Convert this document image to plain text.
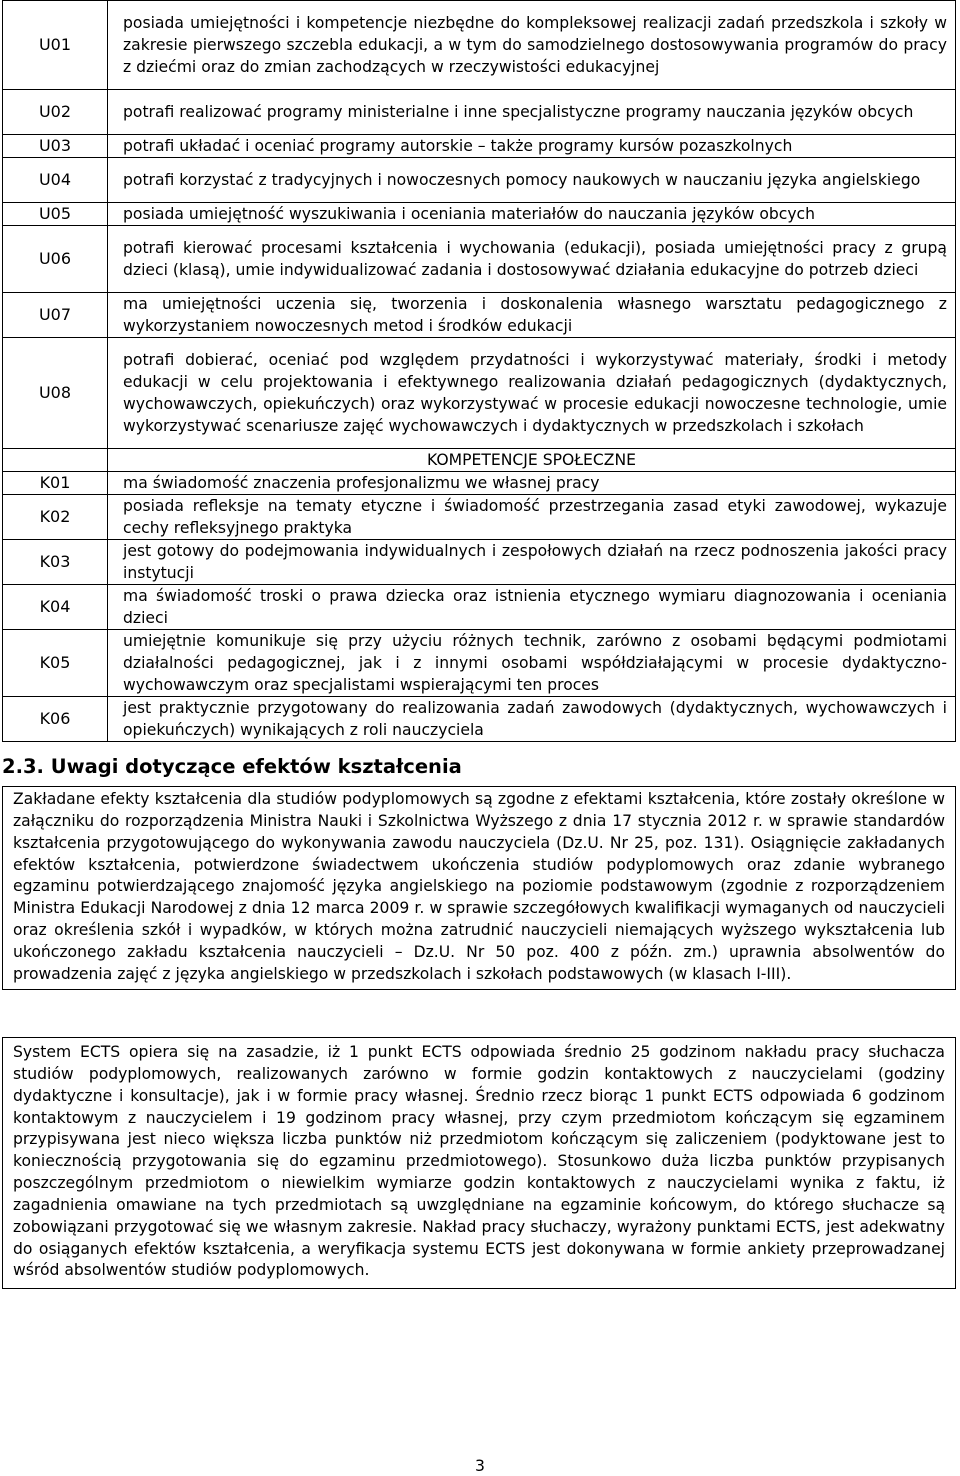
U01	posiada umiejętności i kompetencje niezbędne do kompleksowej realizacji zadań przedszkola i szkoły w zakresie pierwszego szczebla edukacji, a w tym do samodzielnego dostosowywania programów do pracy z dziećmi oraz do zmian zachodzących w rzeczywistości edukacyjnej
U02	potrafi realizować programy ministerialne i inne specjalistyczne programy nauczania języków obcych
U03	potrafi układać i oceniać programy autorskie – także programy kursów pozaszkolnych
U04	potrafi korzystać z tradycyjnych i nowoczesnych pomocy naukowych w nauczaniu języka angielskiego
U05	posiada umiejętność wyszukiwania i oceniania materiałów do nauczania języków obcych
U06	potrafi kierować procesami kształcenia i wychowania (edukacji), posiada umiejętności pracy z grupą dzieci (klasą), umie indywidualizować zadania i dostosowywać działania edukacyjne do potrzeb dzieci
U07	ma umiejętności uczenia się, tworzenia i doskonalenia własnego warsztatu pedagogicznego z wykorzystaniem nowoczesnych metod i środków edukacji
U08	potrafi dobierać, oceniać pod względem przydatności i wykorzystywać materiały, środki i metody edukacji w celu projektowania i efektywnego realizowania działań pedagogicznych (dydaktycznych, wychowawczych, opiekuńczych) oraz wykorzystywać w procesie edukacji nowoczesne technologie, umie wykorzystywać scenariusze zajęć wychowawczych i dydaktycznych w przedszkolach i szkołach
	KOMPETENCJE SPOŁECZNE
K01	ma świadomość znaczenia profesjonalizmu we własnej pracy
K02	posiada refleksje na tematy etyczne i świadomość przestrzegania zasad etyki zawodowej, wykazuje cechy refleksyjnego praktyka
K03	jest gotowy do podejmowania indywidualnych i zespołowych działań na rzecz podnoszenia jakości pracy instytucji
K04	ma świadomość troski o prawa dziecka oraz istnienia etycznego wymiaru diagnozowania i oceniania dzieci
K05	umiejętnie komunikuje się przy użyciu różnych technik, zarówno z osobami będącymi podmiotami działalności pedagogicznej, jak i z innymi osobami współdziałającymi w procesie dydaktyczno-wychowawczym oraz specjalistami wspierającymi ten proces
K06	jest praktycznie przygotowany do realizowania zadań zawodowych (dydaktycznych, wychowawczych i opiekuńczych) wynikających z roli nauczyciela
2.3. Uwagi dotyczące efektów kształcenia

Zakładane efekty kształcenia dla studiów podyplomowych są zgodne z efektami kształcenia, które zostały określone w załączniku do rozporządzenia Ministra Nauki i Szkolnictwa Wyższego z dnia 17 stycznia 2012 r. w sprawie standardów kształcenia przygotowującego do wykonywania zawodu nauczyciela (Dz.U. Nr 25, poz. 131). Osiągnięcie zakładanych efektów kształcenia, potwierdzone świadectwem ukończenia studiów podyplomowych oraz zdanie wybranego egzaminu potwierdzającego znajomość języka angielskiego na poziomie podstawowym (zgodnie z rozporządzeniem Ministra Edukacji Narodowej z dnia 12 marca 2009 r. w sprawie szczegółowych kwalifikacji wymaganych od nauczycieli oraz określenia szkół i wypadków, w których można zatrudnić nauczycieli niemających wyższego wykształcenia lub ukończonego zakładu kształcenia nauczycieli – Dz.U. Nr 50 poz. 400 z późn. zm.) uprawnia absolwentów do prowadzenia zajęć z języka angielskiego w przedszkolach i szkołach podstawowych (w klasach I-III).

System ECTS opiera się na zasadzie, iż 1 punkt ECTS odpowiada średnio 25 godzinom nakładu pracy słuchacza studiów podyplomowych, realizowanych zarówno w formie godzin kontaktowych z nauczycielami (godziny dydaktyczne i konsultacje), jak i w formie pracy własnej. Średnio rzecz biorąc 1 punkt ECTS odpowiada 6 godzinom kontaktowym z nauczycielem i 19 godzinom pracy własnej, przy czym przedmiotom kończącym się egzaminem przypisywana jest nieco większa liczba punktów niż przedmiotom kończącym się zaliczeniem (podyktowane jest to koniecznością przygotowania się do egzaminu przedmiotowego). Stosunkowo duża liczba punktów przypisanych poszczególnym przedmiotom o niewielkim wymiarze godzin kontaktowych z nauczycielami wynika z faktu, iż zagadnienia omawiane na tych przedmiotach są uwzględniane na egzaminie końcowym, do którego słuchacze są zobowiązani przygotować się we własnym zakresie. Nakład pracy słuchaczy, wyrażony punktami ECTS, jest adekwatny do osiąganych efektów kształcenia, a weryfikacja systemu ECTS jest dokonywana w formie ankiety przeprowadzanej wśród absolwentów studiów podyplomowych.

3
